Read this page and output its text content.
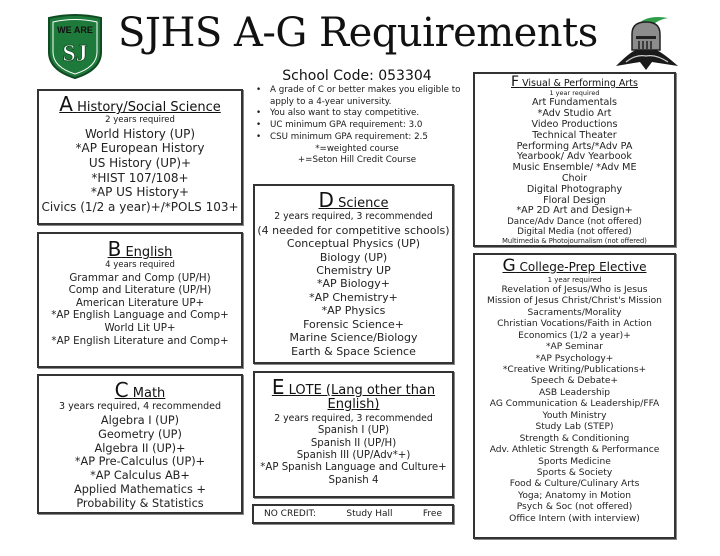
WE ARE
SJ SJHS A-G Requirements
School Code: 053304
• A grade of C or better makes you eligible to apply to a 4-year university.
• You also want to stay competitive.
• UC minimum GPA requirement: 3.0
• CSU minimum GPA requirement: 2.5
*=weighted course
+=Seton Hill Credit Course
A History/Social Science
2 years required
World History (UP)
*AP European History
US History (UP)+
*HIST 107/108+
*AP US History+
Civics (1/2 a year)+/*POLS 103+
B English
4 years required
Grammar and Comp (UP/H)
Comp and Literature (UP/H)
American Literature UP+
*AP English Language and Comp+
World Lit UP+
*AP English Literature and Comp+
C Math
3 years required, 4 recommended
Algebra I (UP)
Geometry (UP)
Algebra II (UP)+
*AP Pre-Calculus (UP)+
*AP Calculus AB+
Applied Mathematics +
Probability & Statistics
D Science
2 years required, 3 recommended
(4 needed for competitive schools)
Conceptual Physics (UP)
Biology (UP)
Chemistry UP
*AP Biology+
*AP Chemistry+
*AP Physics
Forensic Science+
Marine Science/Biology
Earth & Space Science
E LOTE (Lang other than
English)
2 years required, 3 recommended
Spanish I (UP)
Spanish II (UP/H)
Spanish III (UP/Adv*+)
*AP Spanish Language and Culture+
Spanish 4
NO CREDIT:	Study Hall	Free
F Visual & Performing Arts
1 year required
Art Fundamentals
*Adv Studio Art
Video Productions
Technical Theater
Performing Arts/*Adv PA
Yearbook/ Adv Yearbook
Music Ensemble/ *Adv ME
Choir
Digital Photography
Floral Design
*AP 2D Art and Design+
Dance/Adv Dance (not offered)
Digital Media (not offered)
Multimedia & Photojournalism (not offered)
G College-Prep Elective
1 year required
Revelation of Jesus/Who is Jesus
Mission of Jesus Christ/Christ's Mission
Sacraments/Morality
Christian Vocations/Faith in Action
Economics (1/2 a year)+
*AP Seminar
*AP Psychology+
*Creative Writing/Publications+
Speech & Debate+
ASB Leadership
AG Communication & Leadership/FFA
Youth Ministry
Study Lab (STEP)
Strength & Conditioning
Adv. Athletic Strength & Performance
Sports Medicine
Sports & Society
Food & Culture/Culinary Arts
Yoga; Anatomy in Motion
Psych & Soc (not offered)
Office Intern (with interview)
